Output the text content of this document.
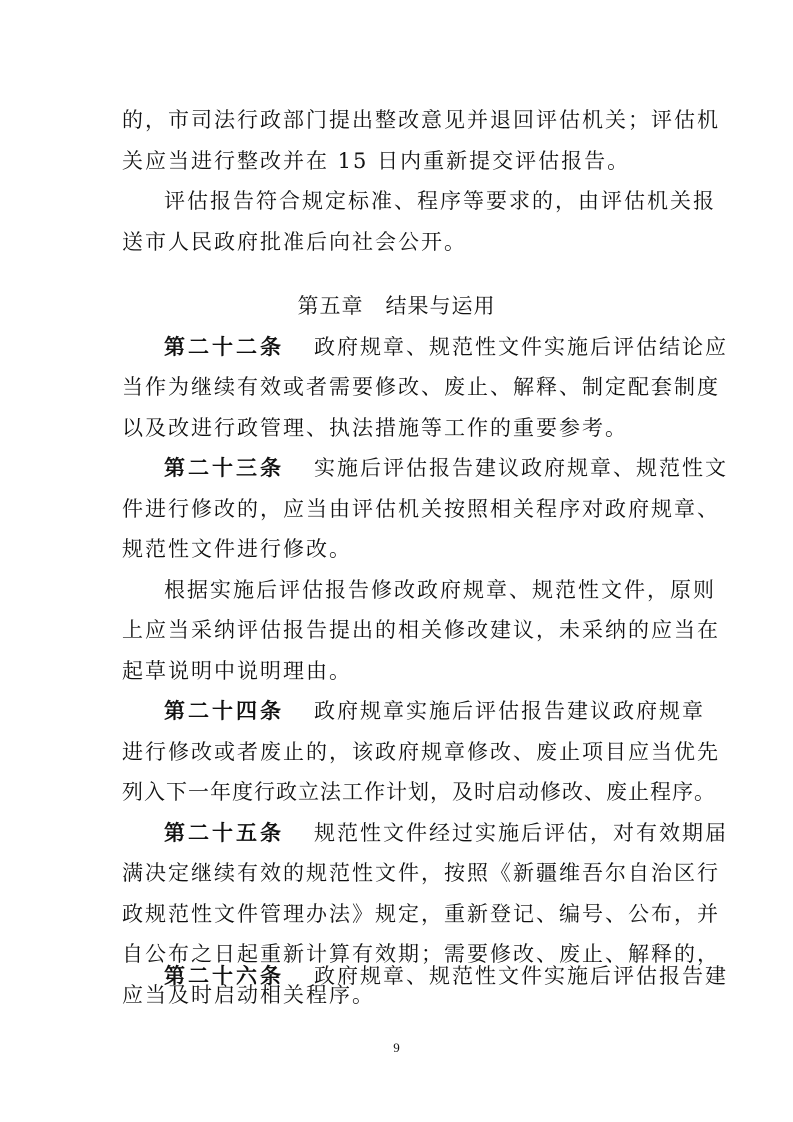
的，市司法行政部门提出整改意见并退回评估机关；评估机
关应当进行整改并在 15 日内重新提交评估报告。
评估报告符合规定标准、程序等要求的，由评估机关报
送市人民政府批准后向社会公开。
第五章　结果与运用
第二十二条 政府规章、规范性文件实施后评估结论应
当作为继续有效或者需要修改、废止、解释、制定配套制度
以及改进行政管理、执法措施等工作的重要参考。
第二十三条 实施后评估报告建议政府规章、规范性文
件进行修改的，应当由评估机关按照相关程序对政府规章、
规范性文件进行修改。
根据实施后评估报告修改政府规章、规范性文件，原则
上应当采纳评估报告提出的相关修改建议，未采纳的应当在
起草说明中说明理由。
第二十四条 政府规章实施后评估报告建议政府规章
进行修改或者废止的，该政府规章修改、废止项目应当优先
列入下一年度行政立法工作计划，及时启动修改、废止程序。
第二十五条 规范性文件经过实施后评估，对有效期届
满决定继续有效的规范性文件，按照《新疆维吾尔自治区行
政规范性文件管理办法》规定，重新登记、编号、公布，并
自公布之日起重新计算有效期；需要修改、废止、解释的，
应当及时启动相关程序。
9
第二十六条 政府规章、规范性文件实施后评估报告建
